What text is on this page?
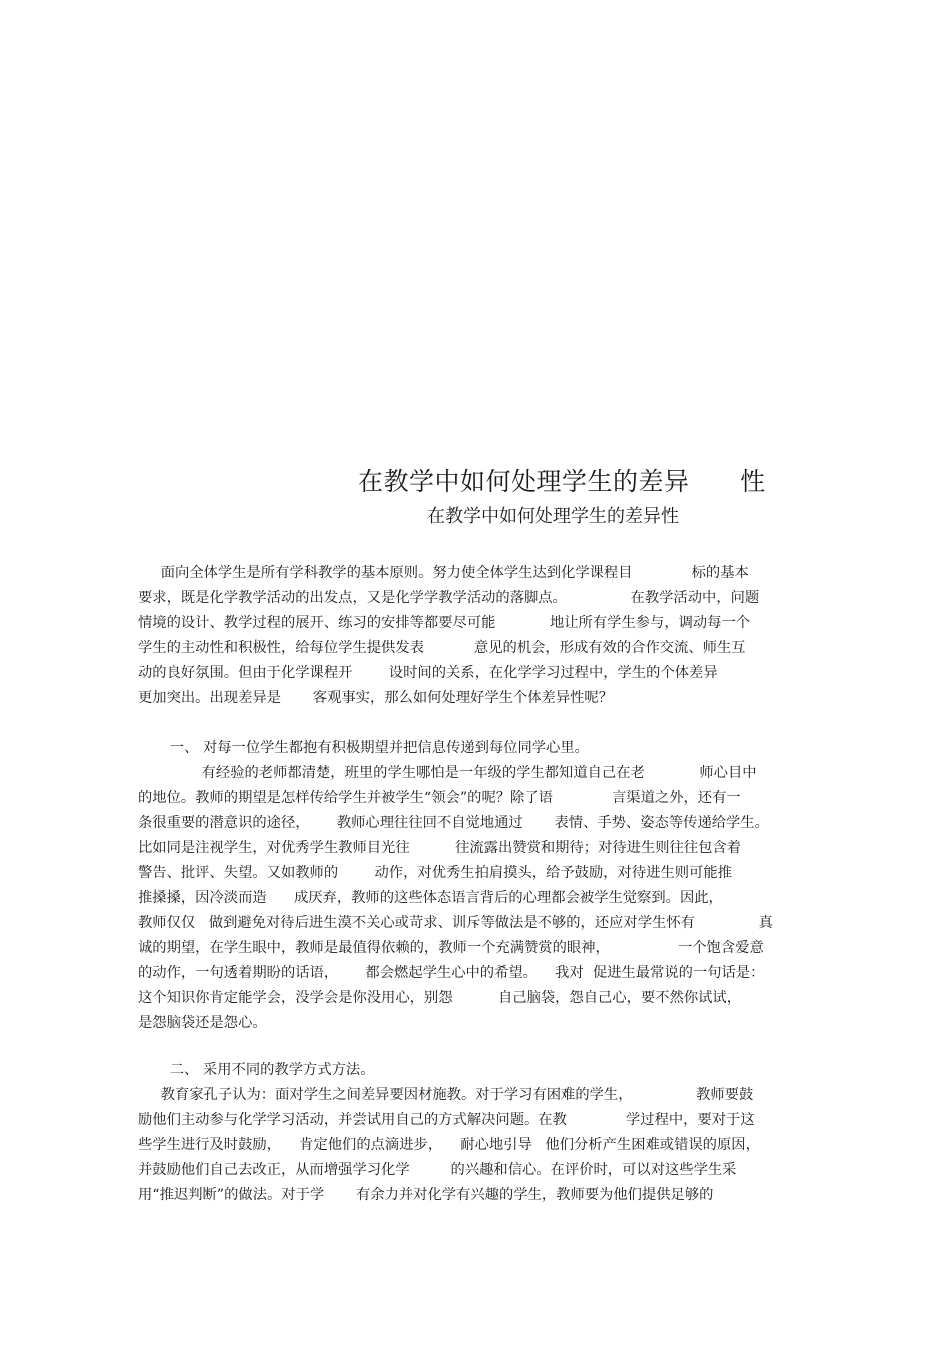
在教学中如何处理学生的差异      性
在教学中如何处理学生的差异性
面向全体学生是所有学科教学的基本原则。努力使全体学生达到化学课程目             标的基本
要求，既是化学教学活动的出发点，又是化学学教学活动的落脚点。              在教学活动中，问题
情境的设计、教学过程的展开、练习的安排等都要尽可能            地让所有学生参与，调动每一个
学生的主动性和积极性，给每位学生提供发表           意见的机会，形成有效的合作交流、师生互
动的良好氛围。但由于化学课程开        设时间的关系，在化学学习过程中，学生的个体差异
更加突出。出现差异是       客观事实，那么如何处理好学生个体差异性呢？
一、 对每一位学生都抱有积极期望并把信息传递到每位同学心里。
有经验的老师都清楚，班里的学生哪怕是一年级的学生都知道自己在老            师心目中
的地位。教师的期望是怎样传给学生并被学生“领会”的呢？除了语             言渠道之外，还有一
条很重要的潜意识的途径，      教师心理往往回不自觉地通过       表情、手势、姿态等传递给学生。
比如同是注视学生，对优秀学生教师目光往          往流露出赞赏和期待；对待进生则往往包含着
警告、批评、失望。又如教师的        动作，对优秀生拍肩摸头，给予鼓励，对待进生则可能推
推搡搡，因冷淡而造      成厌弃，教师的这些体态语言背后的心理都会被学生觉察到。因此，
教师仅仅   做到避免对待后进生漠不关心或苛求、训斥等做法是不够的，还应对学生怀有              真
诚的期望，在学生眼中，教师是最值得依赖的，教师一个充满赞赏的眼神，               一个饱含爱意
的动作，一句透着期盼的话语，      都会燃起学生心中的希望。    我对  促进生最常说的一句话是：
这个知识你肯定能学会，没学会是你没用心，别怨          自己脑袋，怨自己心，要不然你试试，
是怨脑袋还是怨心。
二、 采用不同的教学方式方法。
教育家孔子认为：面对学生之间差异要因材施教。对于学习有困难的学生，              教师要鼓
励他们主动参与化学学习活动，并尝试用自己的方式解决问题。在教             学过程中，要对于这
些学生进行及时鼓励，    肯定他们的点滴进步，    耐心地引导   他们分析产生困难或错误的原因，
并鼓励他们自己去改正，从而增强学习化学         的兴趣和信心。在评价时，可以对这些学生采
用“推迟判断”的做法。对于学       有余力并对化学有兴趣的学生，教师要为他们提供足够的
